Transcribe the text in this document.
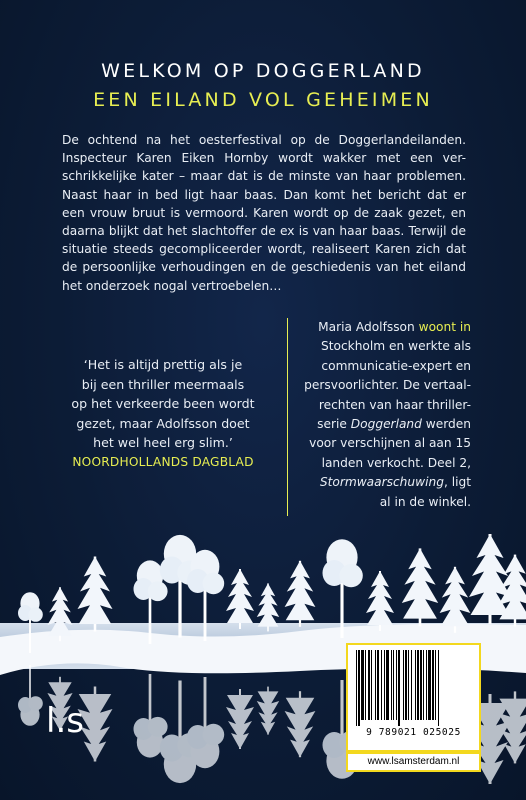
WELKOM OP DOGGERLAND
EEN EILAND VOL GEHEIMEN
De ochtend na het oesterfestival op de Doggerlandeilanden.
Inspecteur Karen Eiken Hornby wordt wakker met een ver-
schrikkelijke kater – maar dat is de minste van haar problemen.
Naast haar in bed ligt haar baas. Dan komt het bericht dat er
een vrouw bruut is vermoord. Karen wordt op de zaak gezet, en
daarna blijkt dat het slachtoffer de ex is van haar baas. Terwijl de
situatie steeds gecompliceerder wordt, realiseert Karen zich dat
de persoonlijke verhoudingen en de geschiedenis van het eiland
het onderzoek nogal vertroebelen…
‘Het is altijd prettig als je
bij een thriller meermaals
op het verkeerde been wordt
gezet, maar Adolfsson doet
het wel heel erg slim.’
NOORDHOLLANDS DAGBLAD
Maria Adolfsson woont in
Stockholm en werkte als
communicatie-expert en
persvoorlichter. De vertaal-
rechten van haar thriller-
serie Doggerland werden
voor verschijnen al aan 15
landen verkocht. Deel 2,
Stormwaarschuwing, ligt
al in de winkel.
l.s	9 789021 025025
www.lsamsterdam.nl
